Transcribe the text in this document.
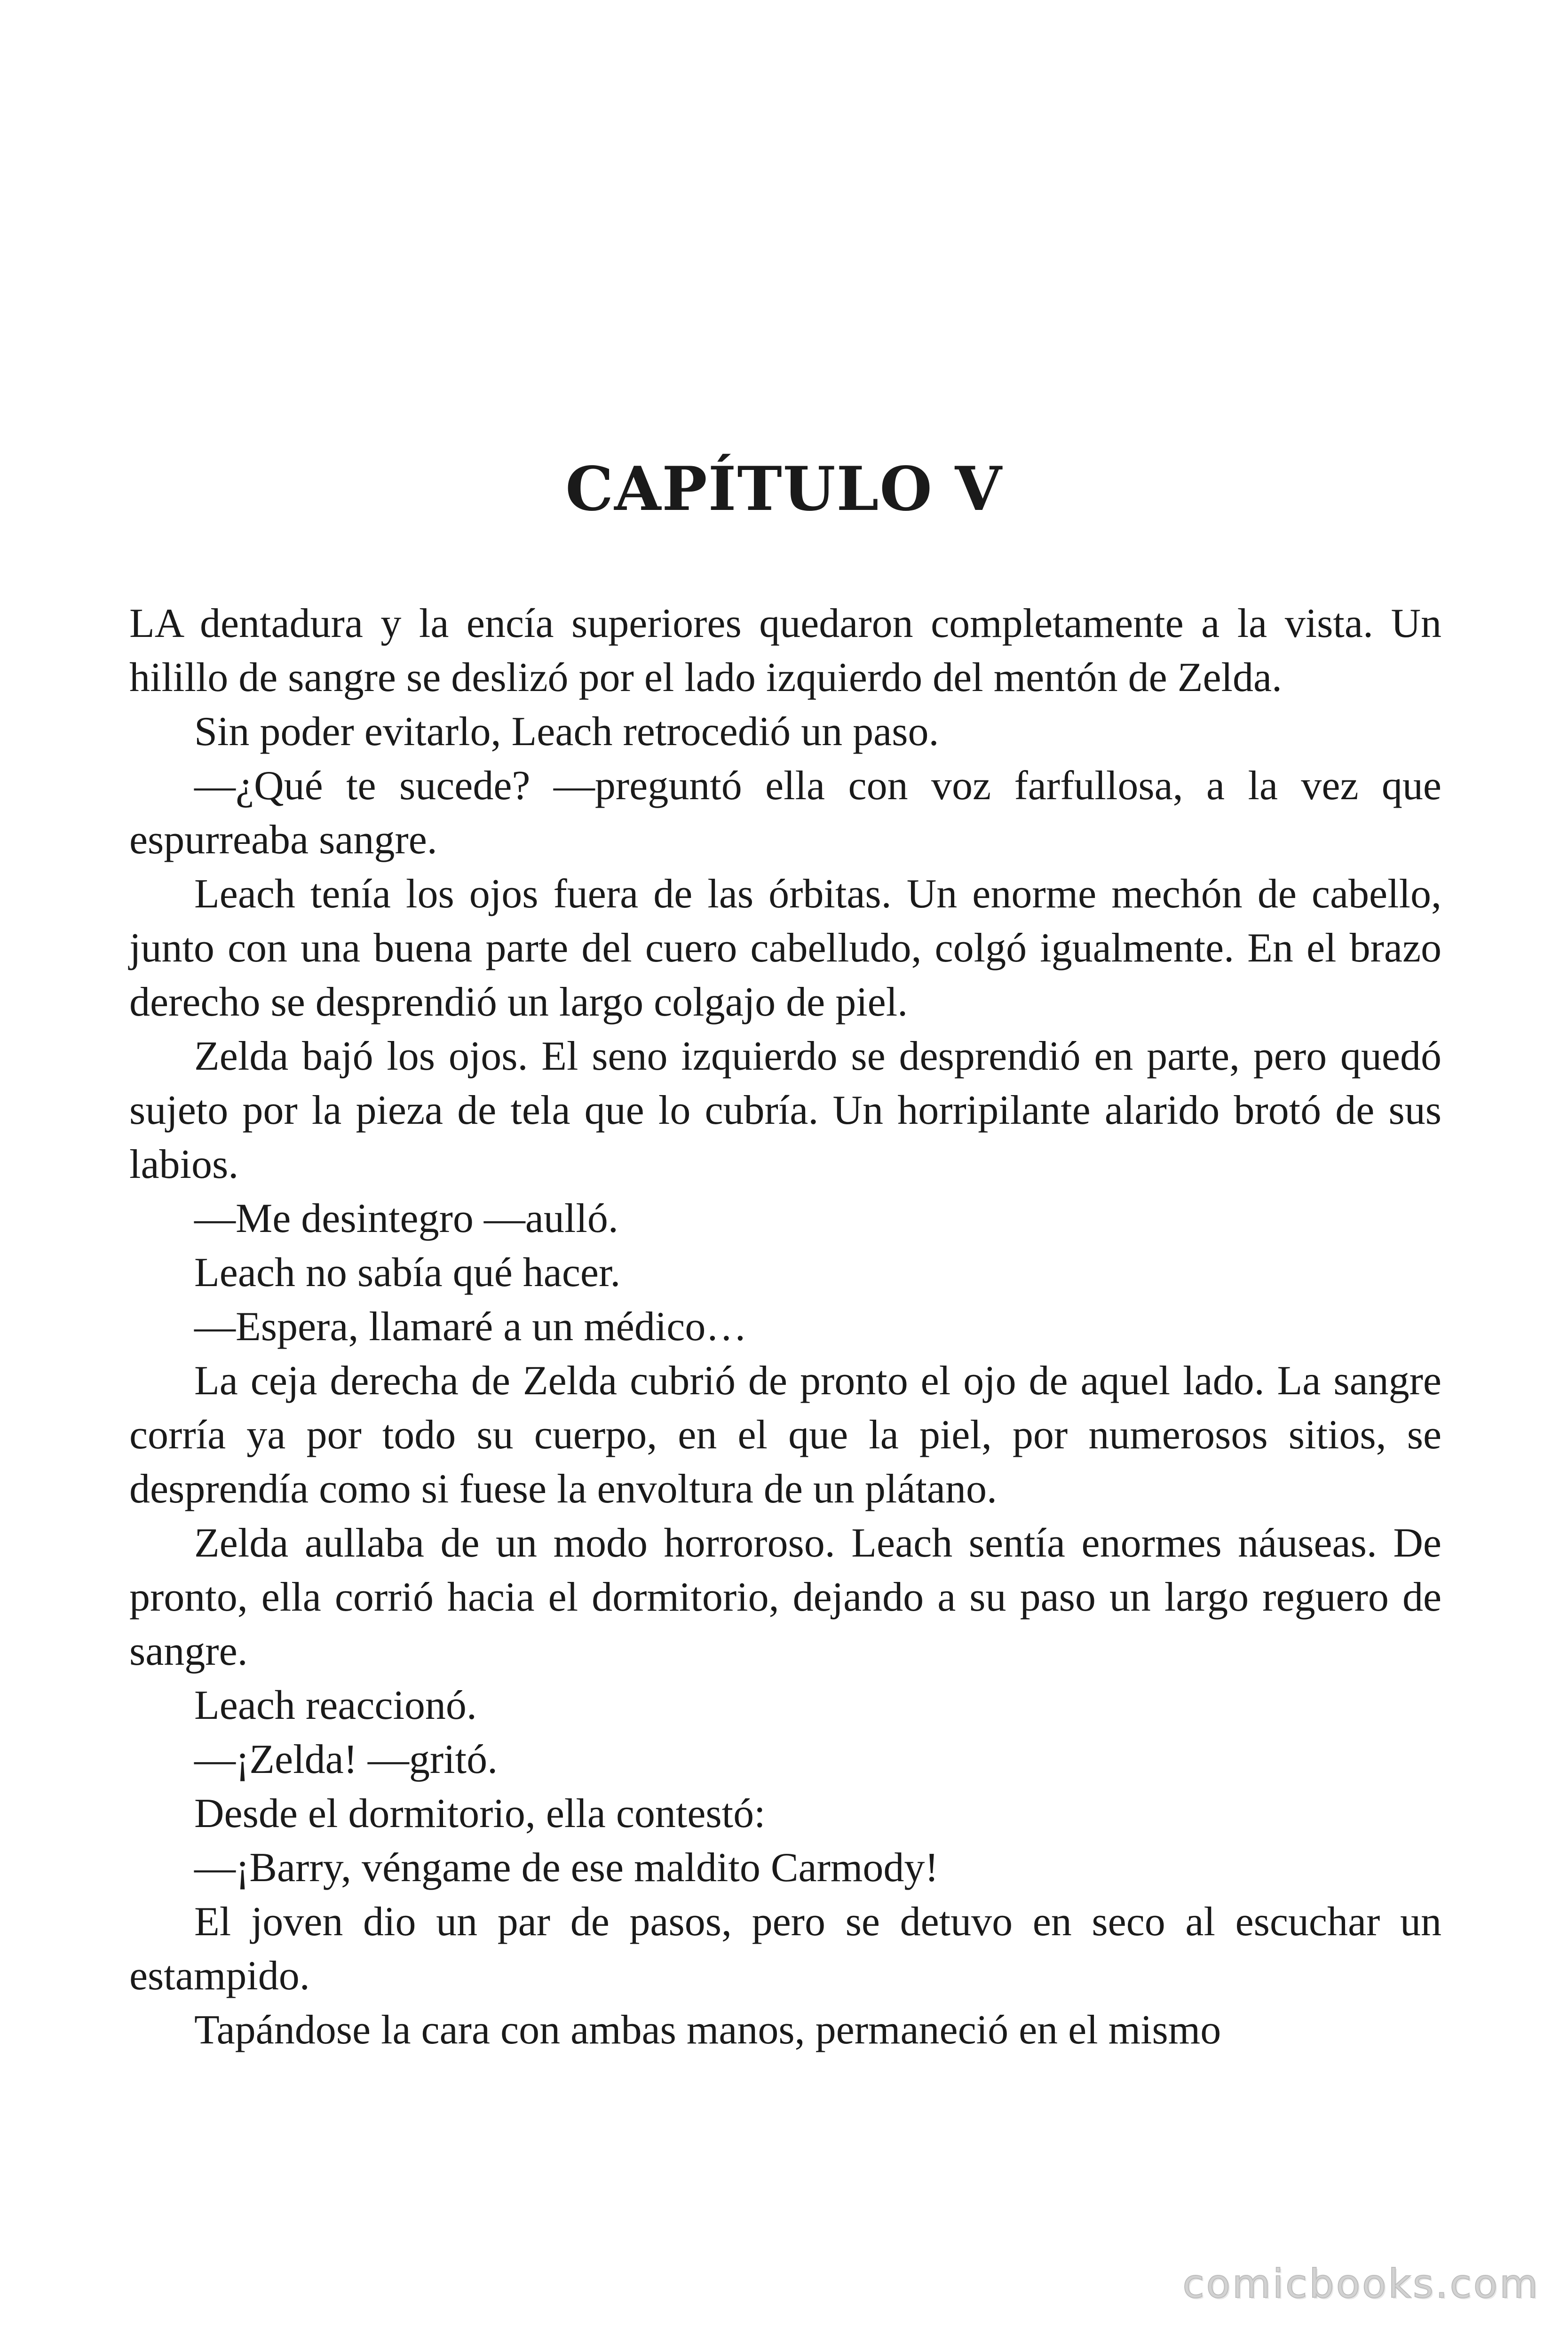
CAPÍTULO V

LA dentadura y la encía superiores quedaron completamente a la vista. Un hilillo de sangre se deslizó por el lado izquierdo del mentón de Zelda.

Sin poder evitarlo, Leach retrocedió un paso.

—¿Qué te sucede? —preguntó ella con voz farfullosa, a la vez que espurreaba sangre.

Leach tenía los ojos fuera de las órbitas. Un enorme mechón de cabello, junto con una buena parte del cuero cabelludo, colgó igualmente. En el brazo derecho se desprendió un largo colgajo de piel.

Zelda bajó los ojos. El seno izquierdo se desprendió en parte, pero quedó sujeto por la pieza de tela que lo cubría. Un horripilante alarido brotó de sus labios.

—Me desintegro —aulló.

Leach no sabía qué hacer.

—Espera, llamaré a un médico…

La ceja derecha de Zelda cubrió de pronto el ojo de aquel lado. La sangre corría ya por todo su cuerpo, en el que la piel, por numerosos sitios, se desprendía como si fuese la envoltura de un plátano.

Zelda aullaba de un modo horroroso. Leach sentía enormes náuseas. De pronto, ella corrió hacia el dormitorio, dejando a su paso un largo reguero de sangre.

Leach reaccionó.

—¡Zelda! —gritó.

Desde el dormitorio, ella contestó:

—¡Barry, véngame de ese maldito Carmody!

El joven dio un par de pasos, pero se detuvo en seco al escuchar un estampido.

Tapándose la cara con ambas manos, permaneció en el mismo

comicbooks.com
